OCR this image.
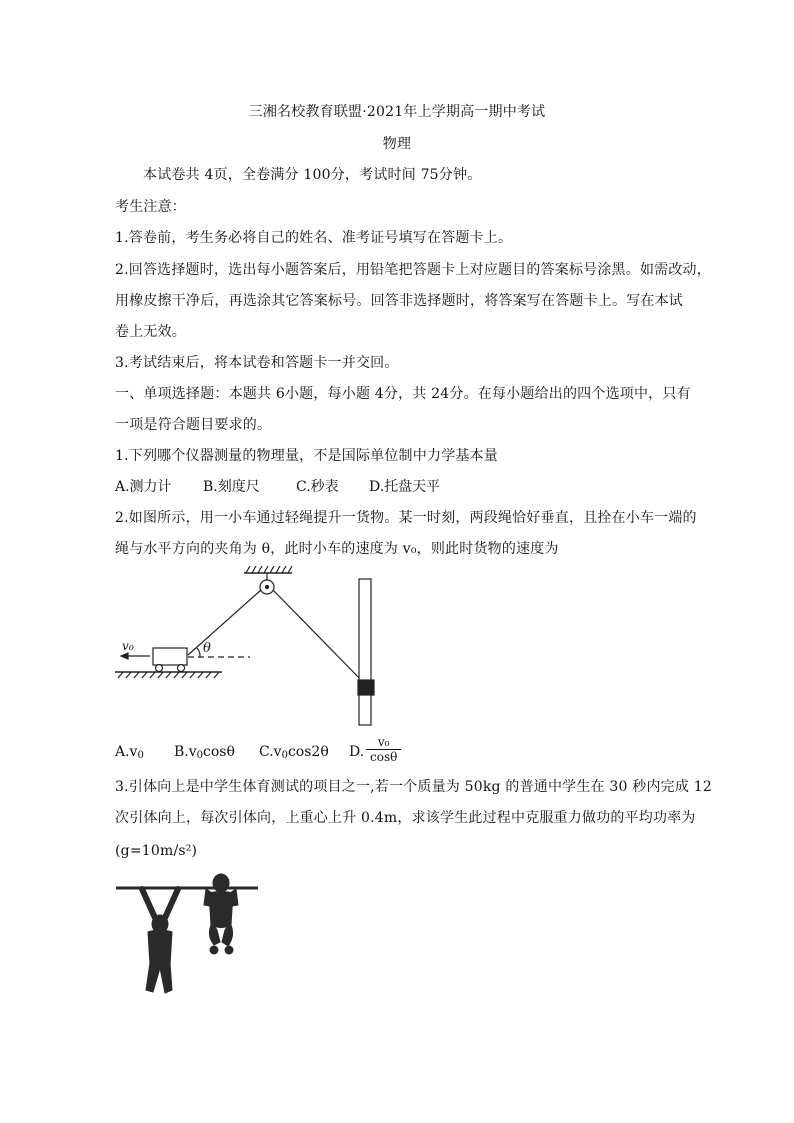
三湘名校教育联盟·2021年上学期高一期中考试
物理
本试卷共 4页，全卷满分 100分，考试时间 75分钟。
考生注意：
1.答卷前，考生务必将自己的姓名、准考证号填写在答题卡上。
2.回答选择题时，选出每小题答案后，用铅笔把答题卡上对应题目的答案标号涂黑。如需改动，
用橡皮擦干净后，再选涂其它答案标号。回答非选择题时，将答案写在答题卡上。写在本试
卷上无效。
3.考试结束后，将本试卷和答题卡一并交回。
一、单项选择题：本题共 6小题，每小题 4分，共 24分。在每小题给出的四个选项中，只有
一项是符合题目要求的。
1.下列哪个仪器测量的物理量，不是国际单位制中力学基本量
A.测力计 B.刻度尺	C.秒表 D.托盘天平
2.如图所示，用一小车通过轻绳提升一货物。某一时刻，两段绳恰好垂直，且拴在小车一端的
绳与水平方向的夹角为 θ，此时小车的速度为 v₀，则此时货物的速度为
v₀	θ
$A.v_0$ $B.v_0\cos\theta$ $C.v_0\cos 2\theta$ D. $\frac{\text{v₀}}{\cos\theta}$
3.引体向上是中学生体育测试的项目之一,若一个质量为 50kg 的普通中学生在 30 秒内完成 12
次引体向上，每次引体向，上重心上升 0.4m，求该学生此过程中克服重力做功的平均功率为
(g=10m/s²)
